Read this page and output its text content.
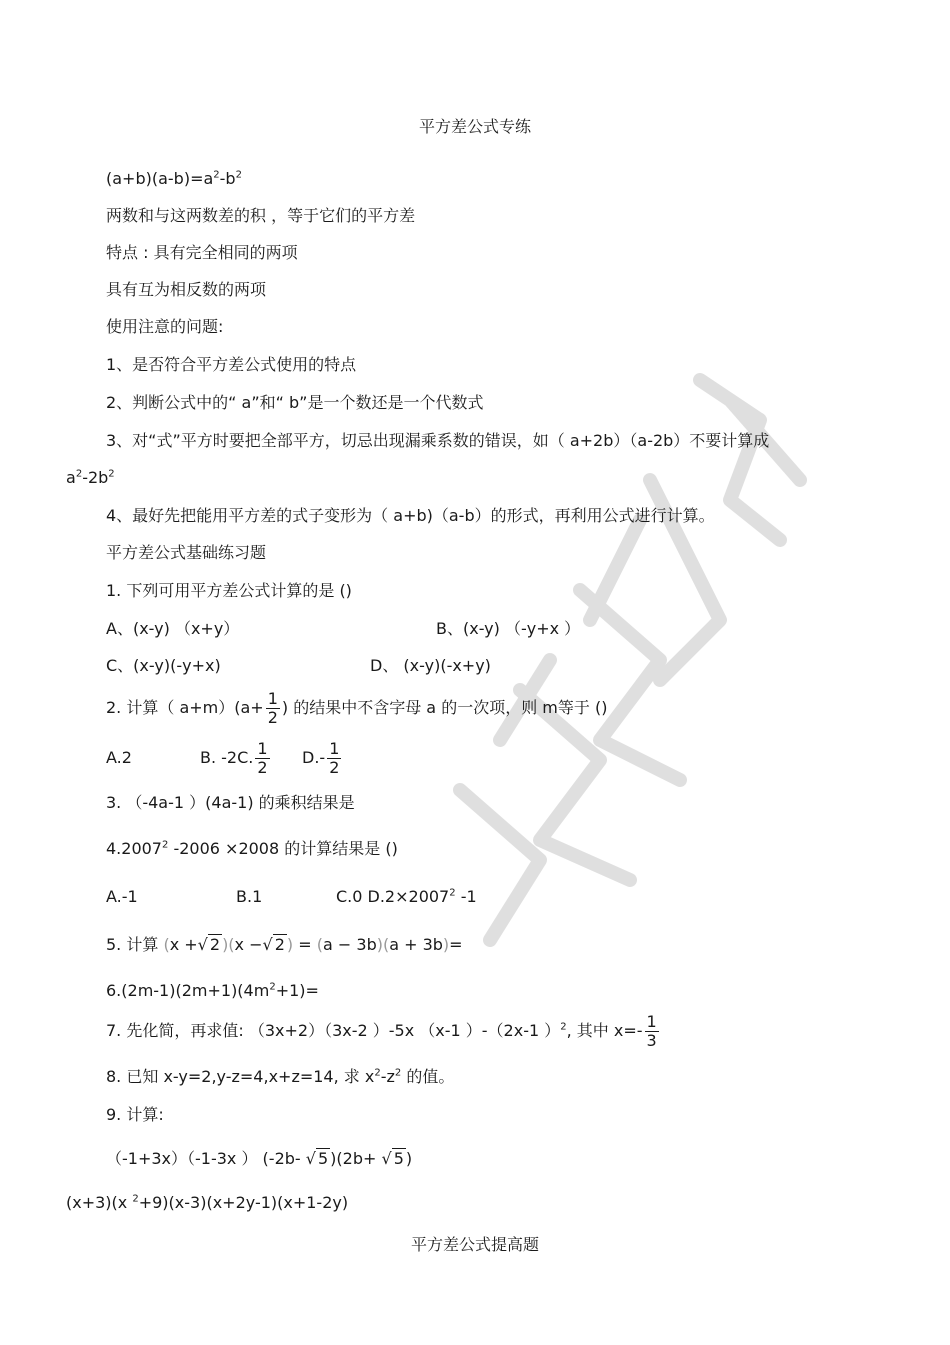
平方差公式专练
$(a+b)(a-b)=a^2-b^2$
两数和与这两数差的积 ，等于它们的平方差
特点 : 具有完全相同的两项
具有互为相反数的两项
使用注意的问题:
1、是否符合平方差公式使用的特点
2、判断公式中的“ a”和“ b”是一个数还是一个代数式
3、对“式”平方时要把全部平方，切忌出现漏乘系数的错误，如（ a+2b）（a-2b）不要计算成
$a^2-2b^2$
4、最好先把能用平方差的式子变形为（ a+b)（a-b）的形式，再利用公式进行计算。
平方差公式基础练习题
1. 下列可用平方差公式计算的是 ()
A、(x-y) （x+y）	B、(x-y) （-y+x ）
C、(x-y)(-y+x)	D、 (x-y)(-x+y)
2. 计算（ $a+m)(a+ \frac{1}{2}$ ) 的结果中不含字母 a 的一次项，则 m等于 ()
A.2	B. -2C. $\frac{1}{2} D.- \frac{1}{2}$
3. （-4a-1 ）(4a-1) 的乘积结果是
4.2007$^2$ -2006 ×2008 的计算结果是 ()
A.-1	B.1	C.0 $D.2\times 2007^2$ -1
5. 计算 (x +√ 2 )(x −√ 2 ) = (a − 3b)(a + 3b)=
$6.(2m-1)(2m+1)(4m^2+1)=$
7. 先化简，再求值: （3x+2）（3x-2 ）-5x （x-1 ）-（2x-1 ）$^2$, 其中 $x=- \frac{1}{3}$
8. 已知 x-y=2,y-z=4,x+z=14, 求 $x^2-z^2$ 的值。
9. 计算:
（-1+3x）（-1-3x ） (-2b- √ 5 )(2b+ √ 5 )
(x+3)(x $^2$+9)(x-3)(x+2y-1)(x+1-2y)
平方差公式提高题
